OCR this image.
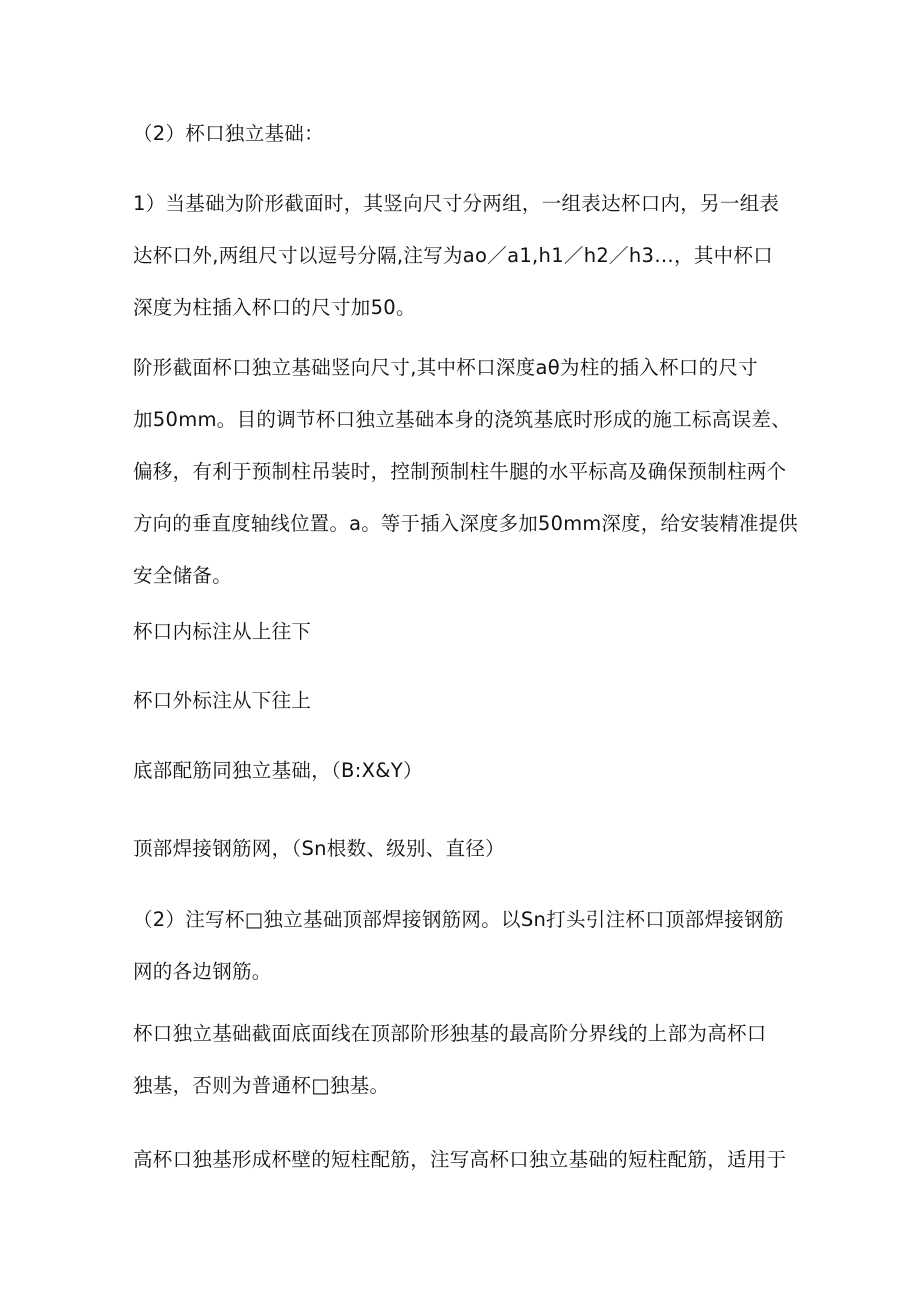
（2）杯口独立基础：

1）当基础为阶形截面时，其竖向尺寸分两组，一组表达杯口内，另一组表
达杯口外,两组尺寸以逗号分隔,注写为ao／a1,h1／h2／h3…，其中杯口
深度为柱插入杯口的尺寸加50。

阶形截面杯口独立基础竖向尺寸,其中杯口深度aθ为柱的插入杯口的尺寸
加50mm。目的调节杯口独立基础本身的浇筑基底时形成的施工标高误差、
偏移，有利于预制柱吊装时，控制预制柱牛腿的水平标高及确保预制柱两个
方向的垂直度轴线位置。a。等于插入深度多加50mm深度，给安装精准提供
安全储备。

杯口内标注从上往下

杯口外标注从下往上

底部配筋同独立基础，（B:X&Y）

顶部焊接钢筋网，（Sn根数、级别、直径）

（2）注写杯□独立基础顶部焊接钢筋网。以Sn打头引注杯口顶部焊接钢筋
网的各边钢筋。

杯口独立基础截面底面线在顶部阶形独基的最高阶分界线的上部为高杯口
独基，否则为普通杯□独基。

高杯口独基形成杯壁的短柱配筋，注写高杯口独立基础的短柱配筋，适用于
